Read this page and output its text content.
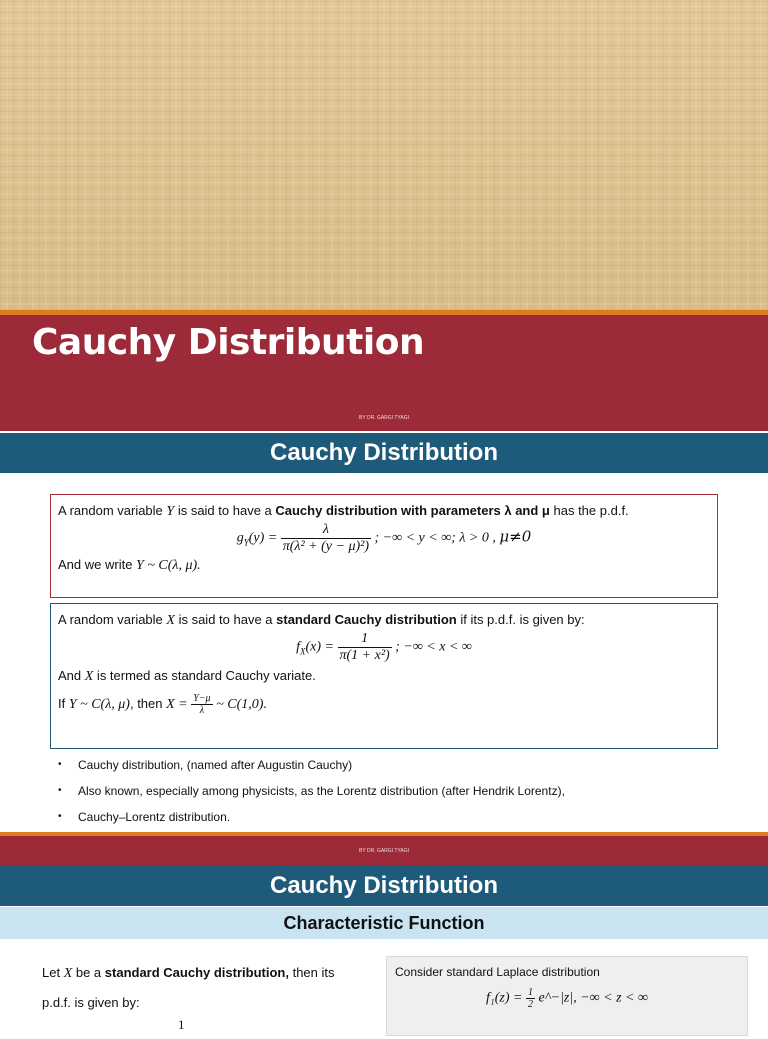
Cauchy Distribution
BY DR. GARGI TYAGI
Cauchy Distribution
A random variable Y is said to have a Cauchy distribution with parameters λ and μ has the p.d.f.
$g_Y(y) = \frac{\lambda}{\text{π(λ² + (y − μ)²)}}$ ; −∞ < y < ∞; λ > 0 , μ≠0
And we write Y ~ C(λ, μ).
A random variable X is said to have a standard Cauchy distribution if its p.d.f. is given by:
$f_X(x) = \frac{1}{\text{π(1 + x²)}}$ ; −∞ < x < ∞
And X is termed as standard Cauchy variate.
If Y ~ C(λ, μ), then $X = \frac{Y-\mu}{\lambda}$ ~ C(1,0).
• Cauchy distribution, (named after Augustin Cauchy)
• Also known, especially among physicists, as the Lorentz distribution (after Hendrik Lorentz),
• Cauchy–Lorentz distribution.
BY DR. GARGI TYAGI
Cauchy Distribution
Characteristic Function
Let X be a standard Cauchy distribution, then its
p.d.f. is given by:
1
Consider standard Laplace distribution
$f_1(z) = \frac{1}{2}$ e^−|z|, −∞ < z < ∞
